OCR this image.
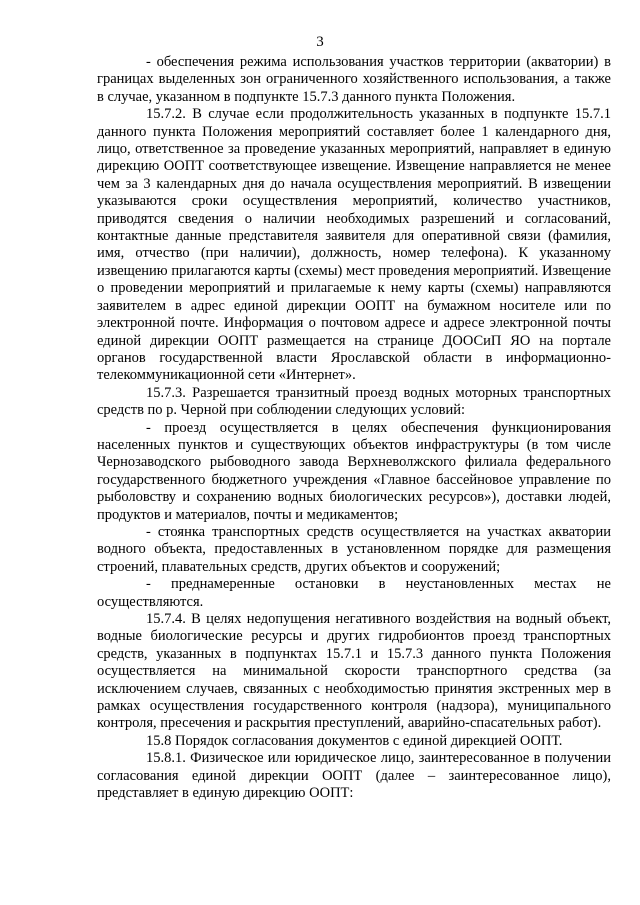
3

- обеспечения режима использования участков территории (акватории) в границах выделенных зон ограниченного хозяйственного использования, а также в случае, указанном в подпункте 15.7.3 данного пункта Положения.

15.7.2. В случае если продолжительность указанных в подпункте 15.7.1 данного пункта Положения мероприятий составляет более 1 календарного дня, лицо, ответственное за проведение указанных мероприятий, направляет в единую дирекцию ООПТ соответствующее извещение. Извещение направляется не менее чем за 3 календарных дня до начала осуществления мероприятий. В извещении указываются сроки осуществления мероприятий, количество участников, приводятся сведения о наличии необходимых разрешений и согласований, контактные данные представителя заявителя для оперативной связи (фамилия, имя, отчество (при наличии), должность, номер телефона). К указанному извещению прилагаются карты (схемы) мест проведения мероприятий. Извещение о проведении мероприятий и прилагаемые к нему карты (схемы) направляются заявителем в адрес единой дирекции ООПТ на бумажном носителе или по электронной почте. Информация о почтовом адресе и адресе электронной почты единой дирекции ООПТ размещается на странице ДООСиП ЯО на портале органов государственной власти Ярославской области в информационно-телекоммуникационной сети «Интернет».

15.7.3. Разрешается транзитный проезд водных моторных транспортных средств по р. Черной при соблюдении следующих условий:

- проезд осуществляется в целях обеспечения функционирования населенных пунктов и существующих объектов инфраструктуры (в том числе Чернозаводского рыбоводного завода Верхневолжского филиала федерального государственного бюджетного учреждения «Главное бассейновое управление по рыболовству и сохранению водных биологических ресурсов»), доставки людей, продуктов и материалов, почты и медикаментов;

- стоянка транспортных средств осуществляется на участках акватории водного объекта, предоставленных в установленном порядке для размещения строений, плавательных средств, других объектов и сооружений;

- преднамеренные остановки в неустановленных местах не осуществляются.

15.7.4. В целях недопущения негативного воздействия на водный объект, водные биологические ресурсы и других гидробионтов проезд транспортных средств, указанных в подпунктах 15.7.1 и 15.7.3 данного пункта Положения осуществляется на минимальной скорости транспортного средства (за исключением случаев, связанных с необходимостью принятия экстренных мер в рамках осуществления государственного контроля (надзора), муниципального контроля, пресечения и раскрытия преступлений, аварийно-спасательных работ).

15.8 Порядок согласования документов с единой дирекцией ООПТ.

15.8.1. Физическое или юридическое лицо, заинтересованное в получении согласования единой дирекции ООПТ (далее – заинтересованное лицо), представляет в единую дирекцию ООПТ:
